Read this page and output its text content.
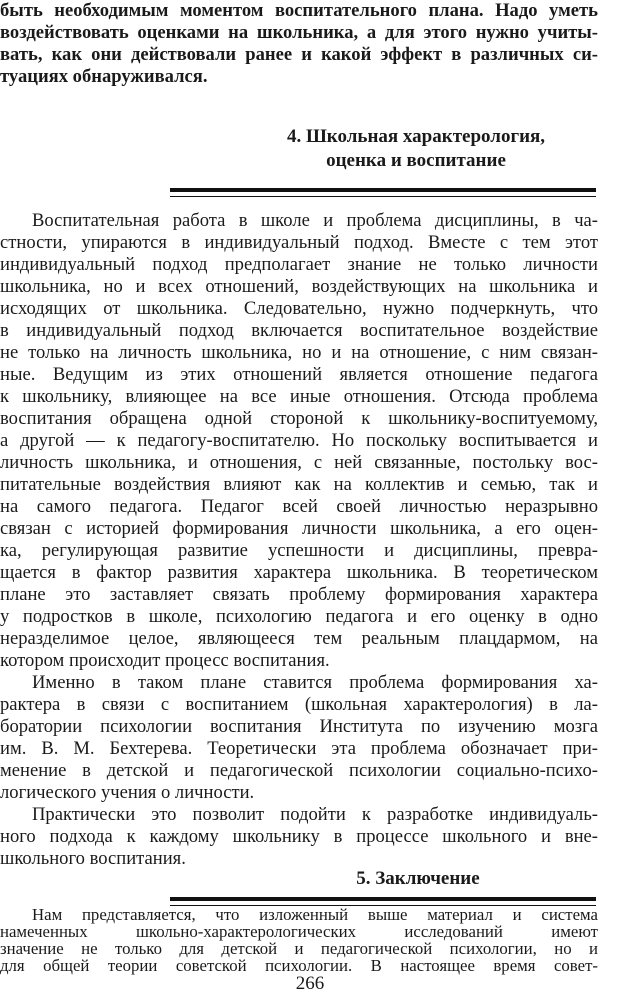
быть необходимым моментом воспитательного плана. Надо уметь
воздействовать оценками на школьника, а для этого нужно учиты-
вать, как они действовали ранее и какой эффект в различных си-
туациях обнаруживался.
4. Школьная характерология,
оценка и воспитание
Воспитательная работа в школе и проблема дисциплины, в ча-
стности, упираются в индивидуальный подход. Вместе с тем этот
индивидуальный подход предполагает знание не только личности
школьника, но и всех отношений, воздействующих на школьника и
исходящих от школьника. Следовательно, нужно подчеркнуть, что
в индивидуальный подход включается воспитательное воздействие
не только на личность школьника, но и на отношение, с ним связан-
ные. Ведущим из этих отношений является отношение педагога
к школьнику, влияющее на все иные отношения. Отсюда проблема
воспитания обращена одной стороной к школьнику-воспитуемому,
а другой — к педагогу-воспитателю. Но поскольку воспитывается и
личность школьника, и отношения, с ней связанные, постольку вос-
питательные воздействия влияют как на коллектив и семью, так и
на самого педагога. Педагог всей своей личностью неразрывно
связан с историей формирования личности школьника, а его оцен-
ка, регулирующая развитие успешности и дисциплины, превра-
щается в фактор развития характера школьника. В теоретическом
плане это заставляет связать проблему формирования характера
у подростков в школе, психологию педагога и его оценку в одно
неразделимое целое, являющееся тем реальным плацдармом, на
котором происходит процесс воспитания.
Именно в таком плане ставится проблема формирования ха-
рактера в связи с воспитанием (школьная характерология) в ла-
боратории психологии воспитания Института по изучению мозга
им. В. М. Бехтерева. Теоретически эта проблема обозначает при-
менение в детской и педагогической психологии социально-психо-
логического учения о личности.
Практически это позволит подойти к разработке индивидуаль-
ного подхода к каждому школьнику в процессе школьного и вне-
школьного воспитания.
5. Заключение
Нам представляется, что изложенный выше материал и система
266
намеченных школьно-характерологических исследований имеют
значение не только для детской и педагогической психологии, но и
для общей теории советской психологии. В настоящее время совет-
